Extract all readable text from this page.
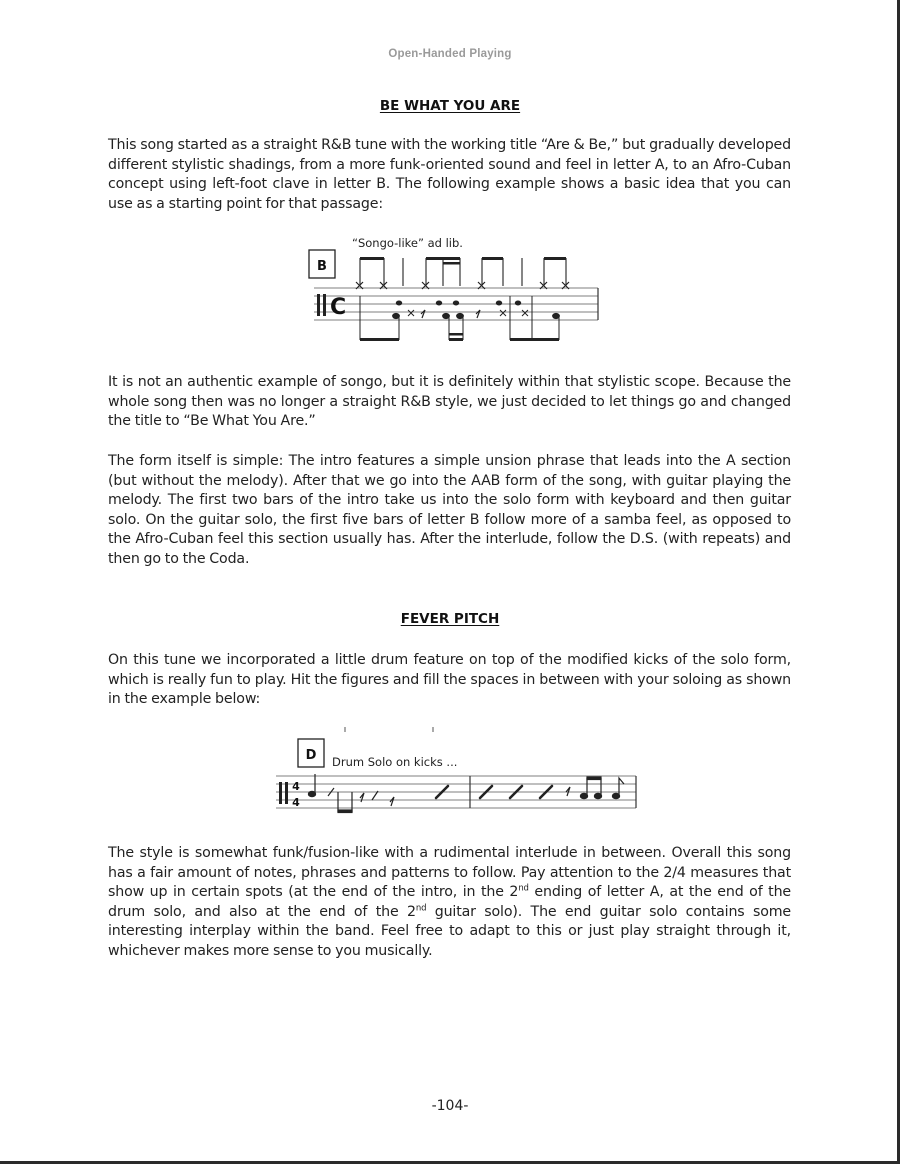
Open-Handed Playing
BE WHAT YOU ARE

This song started as a straight R&B tune with the working title “Are & Be,” but gradually developed different stylistic shadings, from a more funk-oriented sound and feel in letter A, to an Afro-Cuban concept using left-foot clave in letter B. The following example shows a basic idea that you can use as a starting point for that passage:

B
“Songo-like” ad lib.
C

It is not an authentic example of songo, but it is definitely within that stylistic scope. Because the whole song then was no longer a straight R&B style, we just decided to let things go and changed the title to “Be What You Are.”

The form itself is simple: The intro features a simple unsion phrase that leads into the A section (but without the melody). After that we go into the AAB form of the song, with guitar playing the melody. The first two bars of the intro take us into the solo form with keyboard and then guitar solo. On the guitar solo, the first five bars of letter B follow more of a samba feel, as opposed to the Afro-Cuban feel this section usually has. After the interlude, follow the D.S. (with repeats) and then go to the Coda.

FEVER PITCH

On this tune we incorporated a little drum feature on top of the modified kicks of the solo form, which is really fun to play. Hit the figures and fill the spaces in between with your soloing as shown in the example below:

D Drum Solo on kicks ...
4
4

The style is somewhat funk/fusion-like with a rudimental interlude in between. Overall this song has a fair amount of notes, phrases and patterns to follow. Pay attention to the 2/4 measures that show up in certain spots (at the end of the intro, in the 2nd ending of letter A, at the end of the drum solo, and also at the end of the 2nd guitar solo). The end guitar solo contains some interesting interplay within the band. Feel free to adapt to this or just play straight through it, whichever makes more sense to you musically.

-104-
